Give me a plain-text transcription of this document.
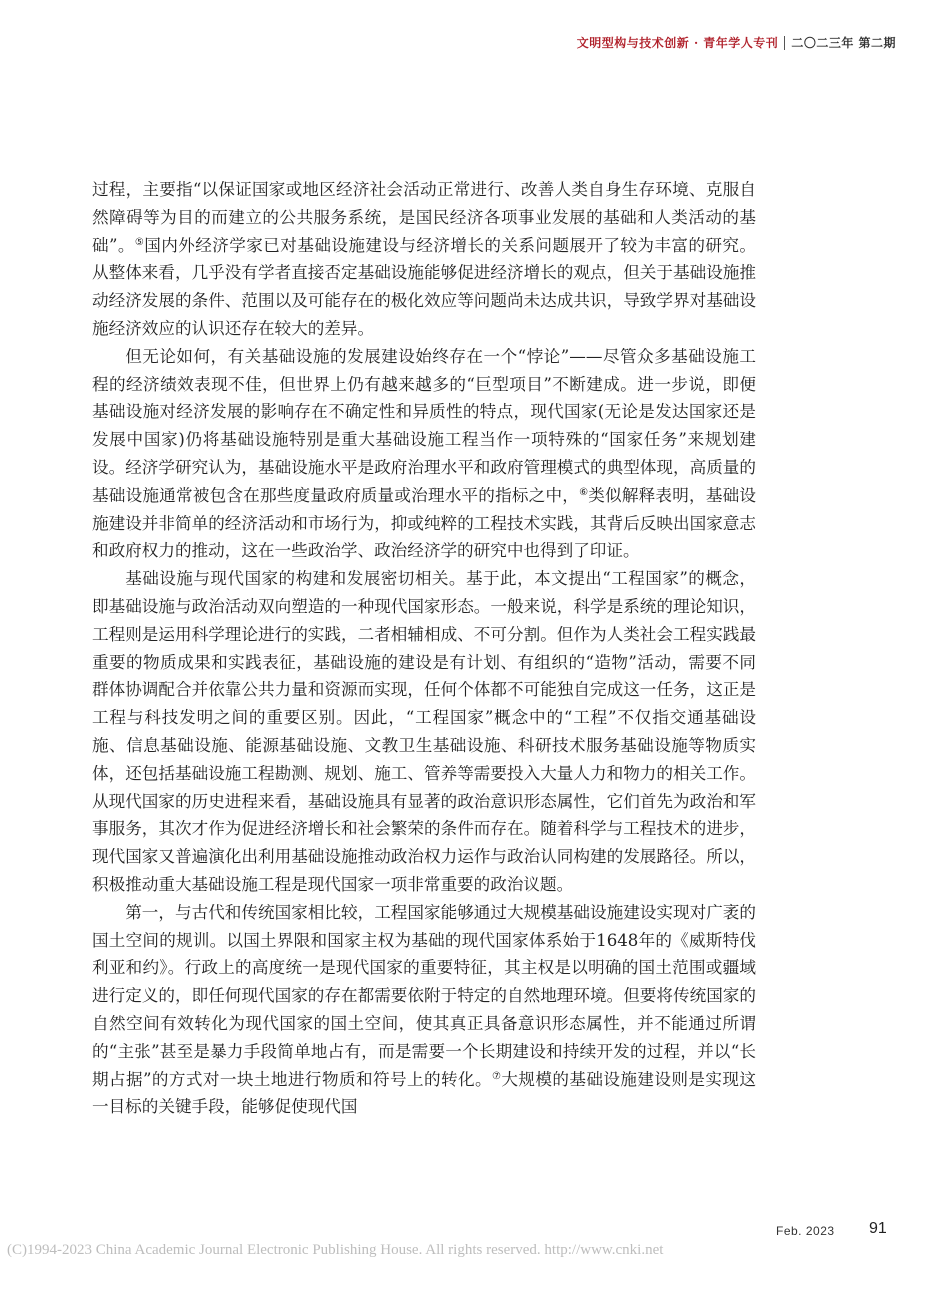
文明型构与技术创新 · 青年学人专刊 二〇二三年 第二期

过程，主要指“以保证国家或地区经济社会活动正常进行、改善人类自身生存环境、克服自然障碍等为目的而建立的公共服务系统，是国民经济各项事业发展的基础和人类活动的基础”。⑤国内外经济学家已对基础设施建设与经济增长的关系问题展开了较为丰富的研究。从整体来看，几乎没有学者直接否定基础设施能够促进经济增长的观点，但关于基础设施推动经济发展的条件、范围以及可能存在的极化效应等问题尚未达成共识，导致学界对基础设施经济效应的认识还存在较大的差异。

但无论如何，有关基础设施的发展建设始终存在一个“悖论”——尽管众多基础设施工程的经济绩效表现不佳，但世界上仍有越来越多的“巨型项目”不断建成。进一步说，即便基础设施对经济发展的影响存在不确定性和异质性的特点，现代国家(无论是发达国家还是发展中国家)仍将基础设施特别是重大基础设施工程当作一项特殊的“国家任务”来规划建设。经济学研究认为，基础设施水平是政府治理水平和政府管理模式的典型体现，高质量的基础设施通常被包含在那些度量政府质量或治理水平的指标之中，⑥类似解释表明，基础设施建设并非简单的经济活动和市场行为，抑或纯粹的工程技术实践，其背后反映出国家意志和政府权力的推动，这在一些政治学、政治经济学的研究中也得到了印证。

基础设施与现代国家的构建和发展密切相关。基于此，本文提出“工程国家”的概念，即基础设施与政治活动双向塑造的一种现代国家形态。一般来说，科学是系统的理论知识，工程则是运用科学理论进行的实践，二者相辅相成、不可分割。但作为人类社会工程实践最重要的物质成果和实践表征，基础设施的建设是有计划、有组织的“造物”活动，需要不同群体协调配合并依靠公共力量和资源而实现，任何个体都不可能独自完成这一任务，这正是工程与科技发明之间的重要区别。因此，“工程国家”概念中的“工程”不仅指交通基础设施、信息基础设施、能源基础设施、文教卫生基础设施、科研技术服务基础设施等物质实体，还包括基础设施工程勘测、规划、施工、管养等需要投入大量人力和物力的相关工作。从现代国家的历史进程来看，基础设施具有显著的政治意识形态属性，它们首先为政治和军事服务，其次才作为促进经济增长和社会繁荣的条件而存在。随着科学与工程技术的进步，现代国家又普遍演化出利用基础设施推动政治权力运作与政治认同构建的发展路径。所以，积极推动重大基础设施工程是现代国家一项非常重要的政治议题。

第一，与古代和传统国家相比较，工程国家能够通过大规模基础设施建设实现对广袤的国土空间的规训。以国土界限和国家主权为基础的现代国家体系始于1648年的《威斯特伐利亚和约》。行政上的高度统一是现代国家的重要特征，其主权是以明确的国土范围或疆域进行定义的，即任何现代国家的存在都需要依附于特定的自然地理环境。但要将传统国家的自然空间有效转化为现代国家的国土空间，使其真正具备意识形态属性，并不能通过所谓的“主张”甚至是暴力手段简单地占有，而是需要一个长期建设和持续开发的过程，并以“长期占据”的方式对一块土地进行物质和符号上的转化。⑦大规模的基础设施建设则是实现这一目标的关键手段，能够促使现代国

Feb. 2023 91
(C)1994-2023 China Academic Journal Electronic Publishing House. All rights reserved. http://www.cnki.net
